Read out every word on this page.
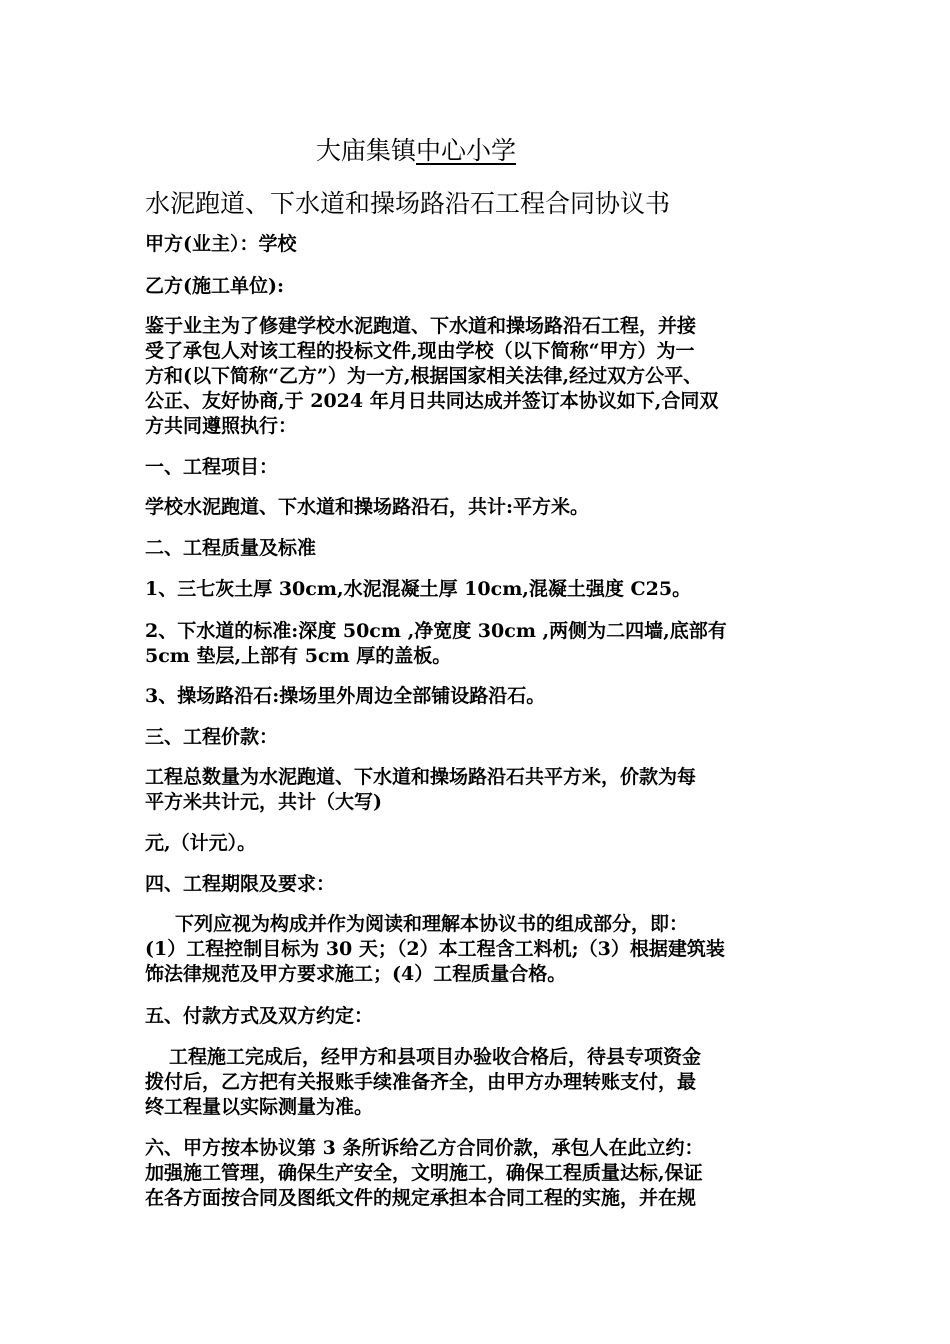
大庙集镇中心小学
水泥跑道、下水道和操场路沿石工程合同协议书

甲方(业主）：学校

乙方(施工单位):

鉴于业主为了修建学校水泥跑道、下水道和操场路沿石工程，并接
受了承包人对该工程的投标文件,现由学校（以下简称“甲方）为一
方和(以下简称“乙方”）为一方,根据国家相关法律,经过双方公平、
公正、友好协商,于 2024 年月日共同达成并签订本协议如下,合同双
方共同遵照执行：

一、工程项目：

学校水泥跑道、下水道和操场路沿石，共计:平方米。

二、工程质量及标准

1、三七灰土厚 30cm,水泥混凝土厚 10cm,混凝土强度 C25。

2、下水道的标准:深度 50cm ,净宽度 30cm ,两侧为二四墙,底部有
5cm 垫层,上部有 5cm 厚的盖板。

3、操场路沿石:操场里外周边全部铺设路沿石。

三、工程价款：

工程总数量为水泥跑道、下水道和操场路沿石共平方米，价款为每
平方米共计元，共计（大写)

元,（计元）。

四、工程期限及要求：

下列应视为构成并作为阅读和理解本协议书的组成部分，即：
(1）工程控制目标为 30 天；（2）本工程含工料机;（3）根据建筑装
饰法律规范及甲方要求施工；(4）工程质量合格。

五、付款方式及双方约定：

工程施工完成后，经甲方和县项目办验收合格后，待县专项资金
拨付后，乙方把有关报账手续准备齐全，由甲方办理转账支付，最
终工程量以实际测量为准。

六、甲方按本协议第 3 条所诉给乙方合同价款，承包人在此立约：
加强施工管理，确保生产安全，文明施工，确保工程质量达标,保证
在各方面按合同及图纸文件的规定承担本合同工程的实施，并在规
